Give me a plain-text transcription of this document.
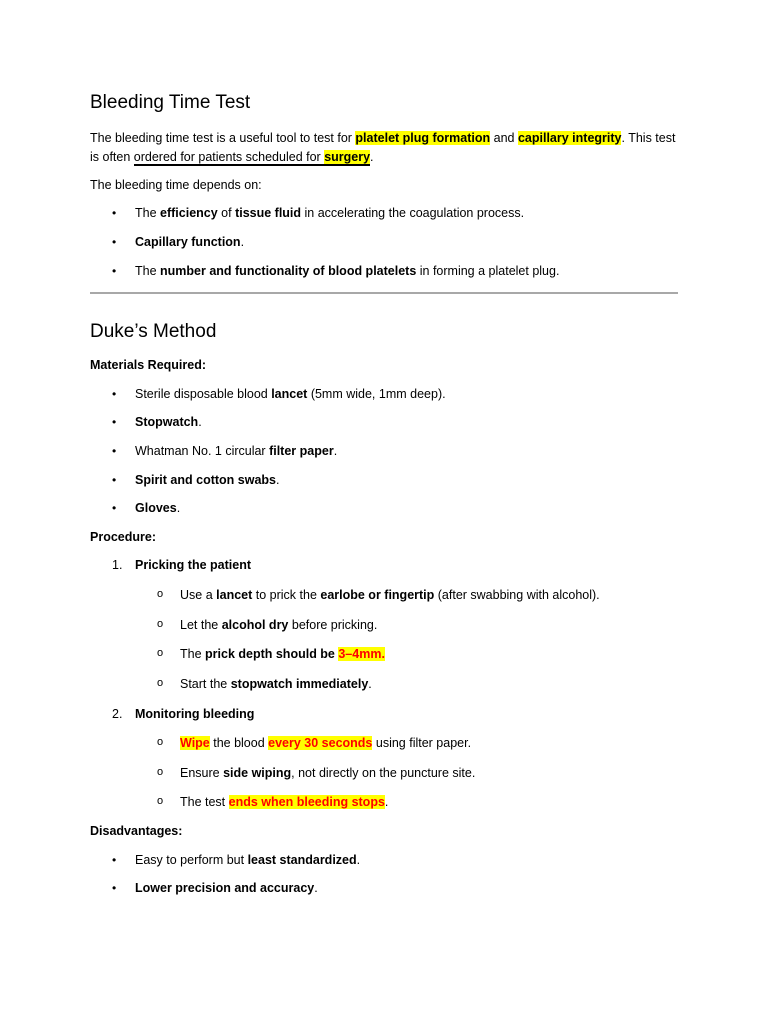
Bleeding Time Test

The bleeding time test is a useful tool to test for platelet plug formation and capillary integrity. This test
is often ordered for patients scheduled for surgery.

The bleeding time depends on:

• The efficiency of tissue fluid in accelerating the coagulation process.
• Capillary function.
• The number and functionality of blood platelets in forming a platelet plug.
Duke’s Method

Materials Required:

• Sterile disposable blood lancet (5mm wide, 1mm deep).
• Stopwatch.
• Whatman No. 1 circular filter paper.
• Spirit and cotton swabs.
• Gloves.

Procedure:

1. Pricking the patient
o Use a lancet to prick the earlobe or fingertip (after swabbing with alcohol).
o Let the alcohol dry before pricking.
o The prick depth should be 3–4mm.
o Start the stopwatch immediately.
2. Monitoring bleeding
o Wipe the blood every 30 seconds using filter paper.
o Ensure side wiping, not directly on the puncture site.
o The test ends when bleeding stops.

Disadvantages:

• Easy to perform but least standardized.
• Lower precision and accuracy.
